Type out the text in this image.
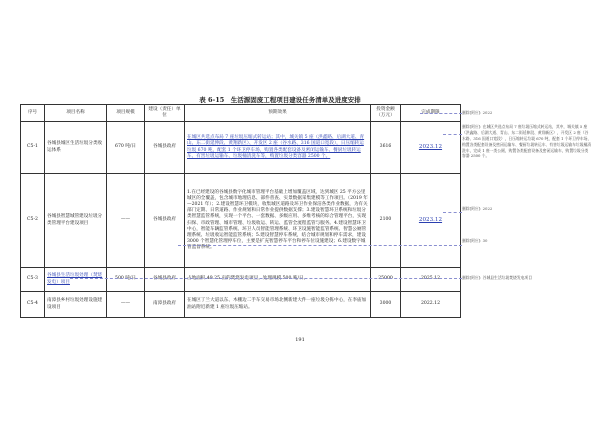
表 6-15　生活源固废工程项目建设任务清单及进度安排
序号	项目名称	项目规模	建设（责任）单位	预期效果	投资金额（万元）	完成期限
C5-1	谷城县城区生活垃圾分类收运体系	670 吨/日	谷城县政府	在城区共选点布局 7 座垃圾压缩式转运站；其中，城关镇 5 座（洪鑫路、后湖大道、青山、东二街延伸段、黄翔新区）、开发区 2 座（谷水路、316 国道口宽段），日压缩转运垃圾 670 吨，配套 1 个环卫停车场，购置各类配套设备及密闭运输车、餐厨垃圾转运车、有害垃圾运输车、垃圾桶清洗车等，购置垃圾分类容器 2500 个。	3616	2023.12
C5-2	谷城县智慧城管建设垃圾分类管理平台建设项目	——	谷城县政府	1.在已经建设的谷城县数字化城市管理平台基础上增加覆盖区域，达到城区 25 平方公里城区的全覆盖，包含城市地理信息、部件普查、实景数据采集建模等工作项目。（2019 年—2021 年）；2.建设智慧环卫模块，收集城区道路及环卫作业保洁各类作业数据，为有关部门定期、日常道路、作业规划和日常作业提供数据支撑；3.建设智慧环卫系统和垃圾分类智慧监管系统，实现一个平台、一套数据、多级应用、多维考核的综合管理平台，实现扫保、市政管理、城市管理、垃圾收运、转运、监管全流程监管与服务。4.建设智慧环卫中心，智能车辆监管系统、环卫人员智能管理系统、环卫设施智能监管系统、智慧公厕管理系统、垃圾收运智能监管系统；5.建设智慧停车系统，结合城市规划和停车需求，建设 3000 个智慧化管理停车位，主要是扩充智慧停车平台和停车位设施建设；6.建设数字城管监督系统。	2100	2023.12
C5-3	谷城县生活垃圾处理（焚烧发电）项目	500 吨/日	谷城县政府	占地面积 49.25 亩的焚烧发电项目，处理规模 500 吨/日。	25000	2025.12
C5-4	南漳县乡村垃圾处理设施建设项目	——	南漳县政府	在城区丁兰大道以东、木棚边二手车交易市场北侧新建大件一座垃圾分拣中心，在李庙加油站附近新建 1 座垃圾压缩站。	3000	2022.12
删除[阿应]: 2022
删除[阿应]: 在城区共选点布局 7 座垃圾压缩式转运站，其中，城关镇 5 座（洪鑫路、后湖大道、青山、东二街延伸段、黄翔新区），开发区 2 座（谷水路、316 国道口宽段），日压缩转运垃圾 670 吨，配套 1 个环卫停车场，购置各类配套设备及密闭运输车、餐厨垃圾转运车、有害垃圾运输车垃圾桶清洗车，完成 1 座一类公厕，购置各类配套设备及密闭运输车，购置垃圾分类容器 2500 个。
删除[阿应]: 2022
删除[阿应]: 30
删除[阿应]: 谷城县生活垃圾焚烧发电项目
191
